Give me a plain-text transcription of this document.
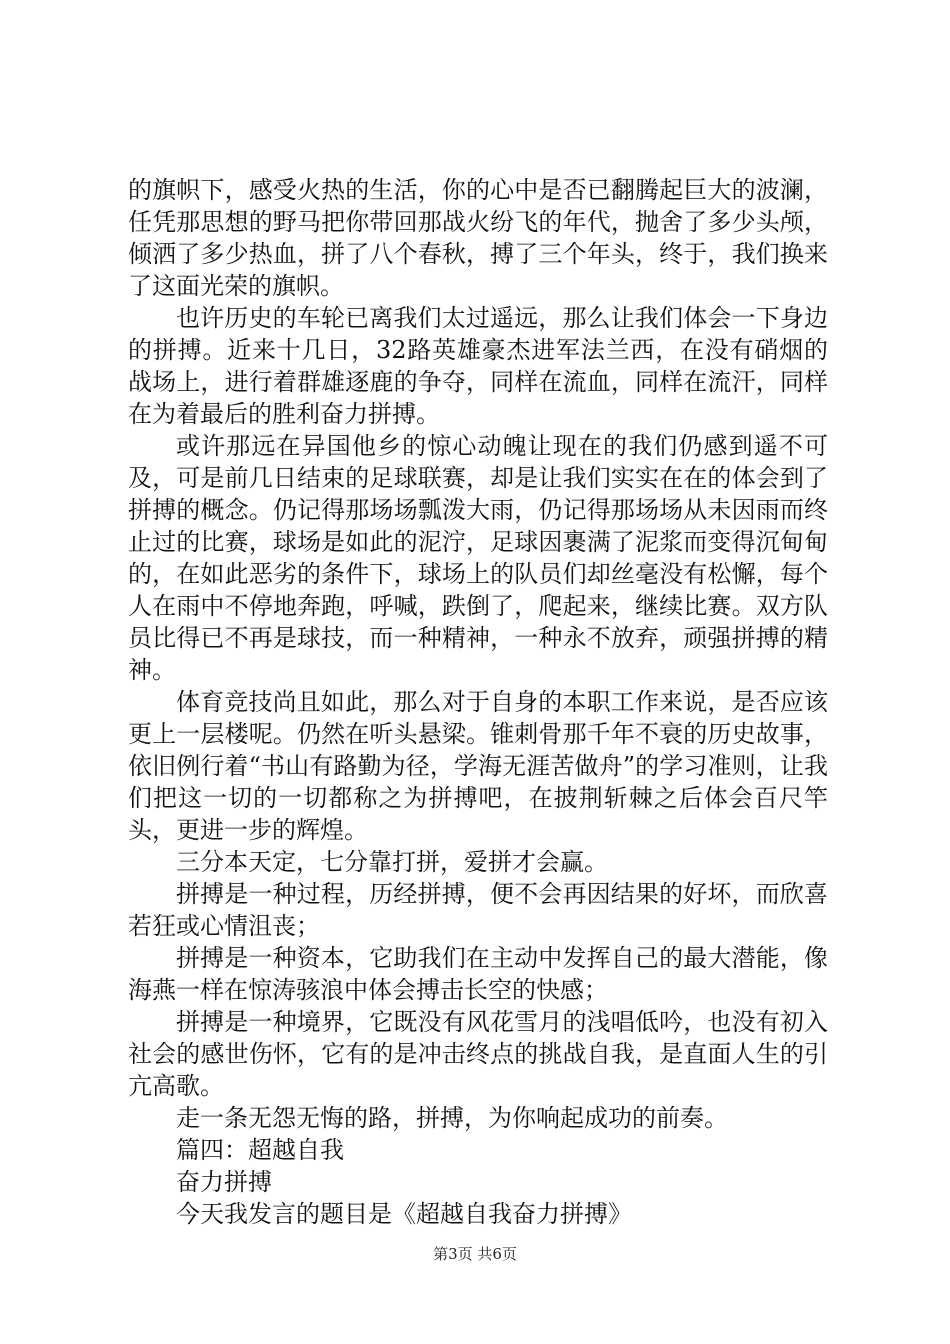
的旗帜下，感受火热的生活，你的心中是否已翻腾起巨大的波澜，任凭那思想的野马把你带回那战火纷飞的年代，抛舍了多少头颅，倾洒了多少热血，拼了八个春秋，搏了三个年头，终于，我们换来了这面光荣的旗帜。

也许历史的车轮已离我们太过遥远，那么让我们体会一下身边的拼搏。近来十几日，32路英雄豪杰进军法兰西，在没有硝烟的战场上，进行着群雄逐鹿的争夺，同样在流血，同样在流汗，同样在为着最后的胜利奋力拼搏。

或许那远在异国他乡的惊心动魄让现在的我们仍感到遥不可及，可是前几日结束的足球联赛，却是让我们实实在在的体会到了拼搏的概念。仍记得那场场瓢泼大雨，仍记得那场场从未因雨而终止过的比赛，球场是如此的泥泞，足球因裹满了泥浆而变得沉甸甸的，在如此恶劣的条件下，球场上的队员们却丝毫没有松懈，每个人在雨中不停地奔跑，呼喊，跌倒了，爬起来，继续比赛。双方队员比得已不再是球技，而一种精神，一种永不放弃，顽强拼搏的精神。

体育竞技尚且如此，那么对于自身的本职工作来说，是否应该更上一层楼呢。仍然在听头悬梁。锥刺骨那千年不衰的历史故事，依旧例行着“书山有路勤为径，学海无涯苦做舟”的学习准则，让我们把这一切的一切都称之为拼搏吧，在披荆斩棘之后体会百尺竿头，更进一步的辉煌。

三分本天定，七分靠打拼，爱拼才会赢。

拼搏是一种过程，历经拼搏，便不会再因结果的好坏，而欣喜若狂或心情沮丧；

拼搏是一种资本，它助我们在主动中发挥自己的最大潜能，像海燕一样在惊涛骇浪中体会搏击长空的快感；

拼搏是一种境界，它既没有风花雪月的浅唱低吟，也没有初入社会的感世伤怀，它有的是冲击终点的挑战自我，是直面人生的引亢高歌。

走一条无怨无悔的路，拼搏，为你响起成功的前奏。

篇四：超越自我

奋力拼搏

今天我发言的题目是《超越自我奋力拼搏》

第3页 共6页
